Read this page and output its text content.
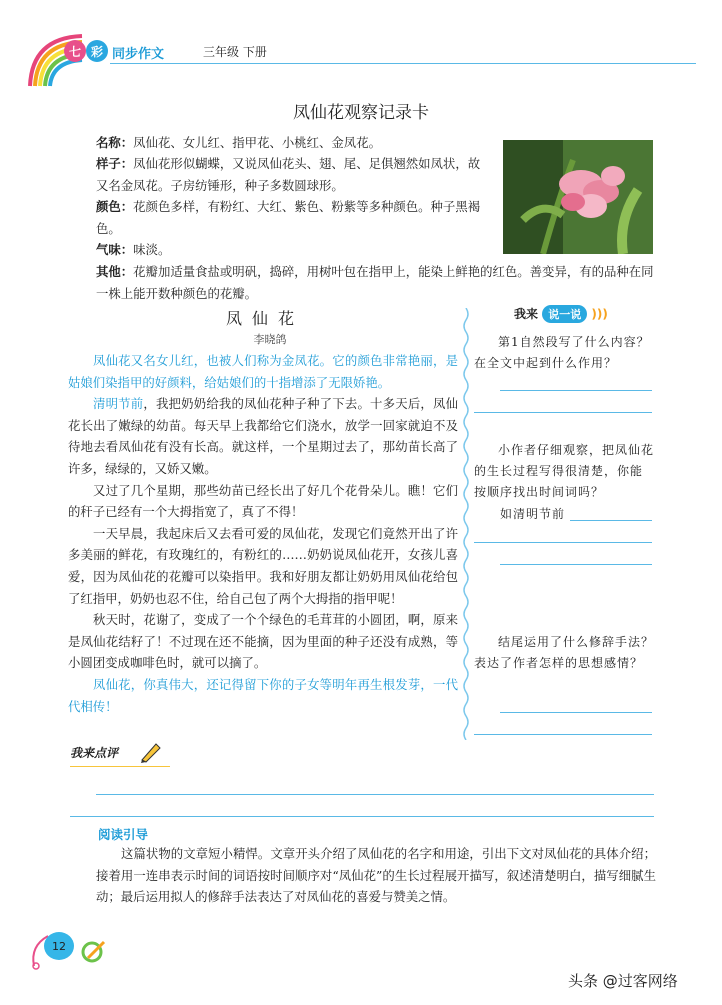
七 彩 同步作文	三年级 下册
凤仙花观察记录卡
名称：凤仙花、女儿红、指甲花、小桃红、金凤花。
样子：凤仙花形似蝴蝶，又说凤仙花头、翅、尾、足俱翘然如凤状，故又名金凤花。子房纺锤形，种子多数圆球形。
颜色：花颜色多样，有粉红、大红、紫色、粉紫等多种颜色。种子黑褐色。
气味：味淡。
其他：花瓣加适量食盐或明矾，捣碎，用树叶包在指甲上，能染上鲜艳的红色。善变异，有的品种在同一株上能开数种颜色的花瓣。
凤仙花
李晓鸽

凤仙花又名女儿红，也被人们称为金凤花。它的颜色非常艳丽，是姑娘们染指甲的好颜料，给姑娘们的十指增添了无限娇艳。

清明节前，我把奶奶给我的凤仙花种子种了下去。十多天后，凤仙花长出了嫩绿的幼苗。每天早上我都给它们浇水，放学一回家就迫不及待地去看凤仙花有没有长高。就这样，一个星期过去了，那幼苗长高了许多，绿绿的，又娇又嫩。

又过了几个星期，那些幼苗已经长出了好几个花骨朵儿。瞧！它们的秆子已经有一个大拇指宽了，真了不得！

一天早晨，我起床后又去看可爱的凤仙花，发现它们竟然开出了许多美丽的鲜花，有玫瑰红的，有粉红的……奶奶说凤仙花开，女孩儿喜爱，因为凤仙花的花瓣可以染指甲。我和好朋友都让奶奶用凤仙花给包了红指甲，奶奶也忍不住，给自己包了两个大拇指的指甲呢！

秋天时，花谢了，变成了一个个绿色的毛茸茸的小圆团，啊，原来是凤仙花结籽了！不过现在还不能摘，因为里面的种子还没有成熟，等小圆团变成咖啡色时，就可以摘了。

凤仙花，你真伟大，还记得留下你的子女等明年再生根发芽，一代代相传！

我来 说一说 )))
第1自然段写了什么内容？在全文中起到什么作用？
小作者仔细观察，把凤仙花的生长过程写得很清楚，你能按顺序找出时间词吗？
如清明节前
结尾运用了什么修辞手法？表达了作者怎样的思想感情？
我来点评
阅读引导

这篇状物的文章短小精悍。文章开头介绍了凤仙花的名字和用途，引出下文对凤仙花的具体介绍；接着用一连串表示时间的词语按时间顺序对“凤仙花”的生长过程展开描写，叙述清楚明白，描写细腻生动；最后运用拟人的修辞手法表达了对凤仙花的喜爱与赞美之情。

12
头条 @过客网络
